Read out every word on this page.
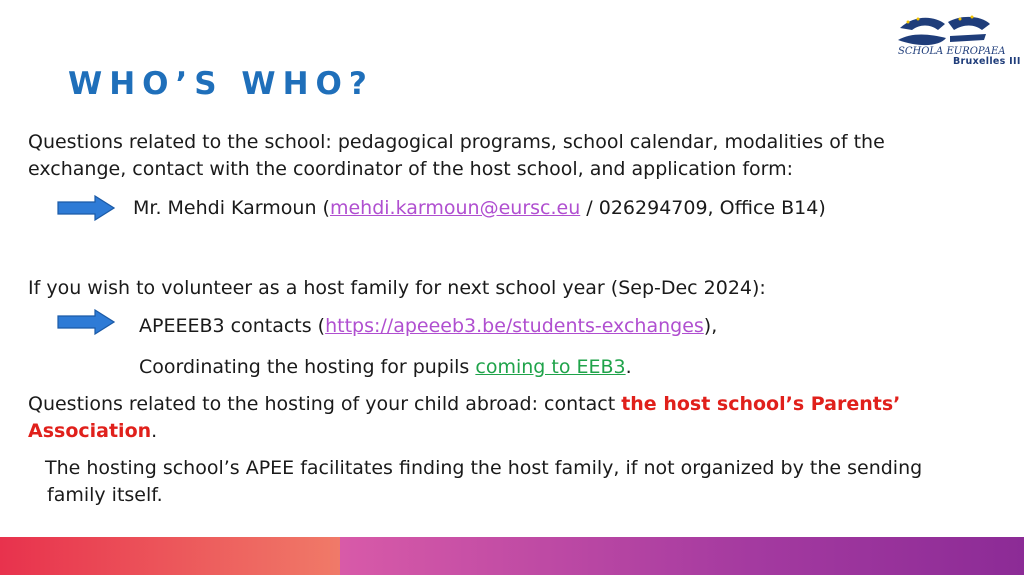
WHO’S WHO?
SCHOLA EUROPAEA
Bruxelles III
Questions related to the school: pedagogical programs, school calendar, modalities of the
exchange, contact with the coordinator of the host school, and application form:
Mr. Mehdi Karmoun (mehdi.karmoun@eursc.eu / 026294709, Office B14)
If you wish to volunteer as a host family for next school year (Sep-Dec 2024):
APEEEB3 contacts (https://apeeeb3.be/students-exchanges),
Coordinating the hosting for pupils coming to EEB3.
Questions related to the hosting of your child abroad: contact the host school’s Parents’
Association.
The hosting school’s APEE facilitates finding the host family, if not organized by the sending
family itself.
